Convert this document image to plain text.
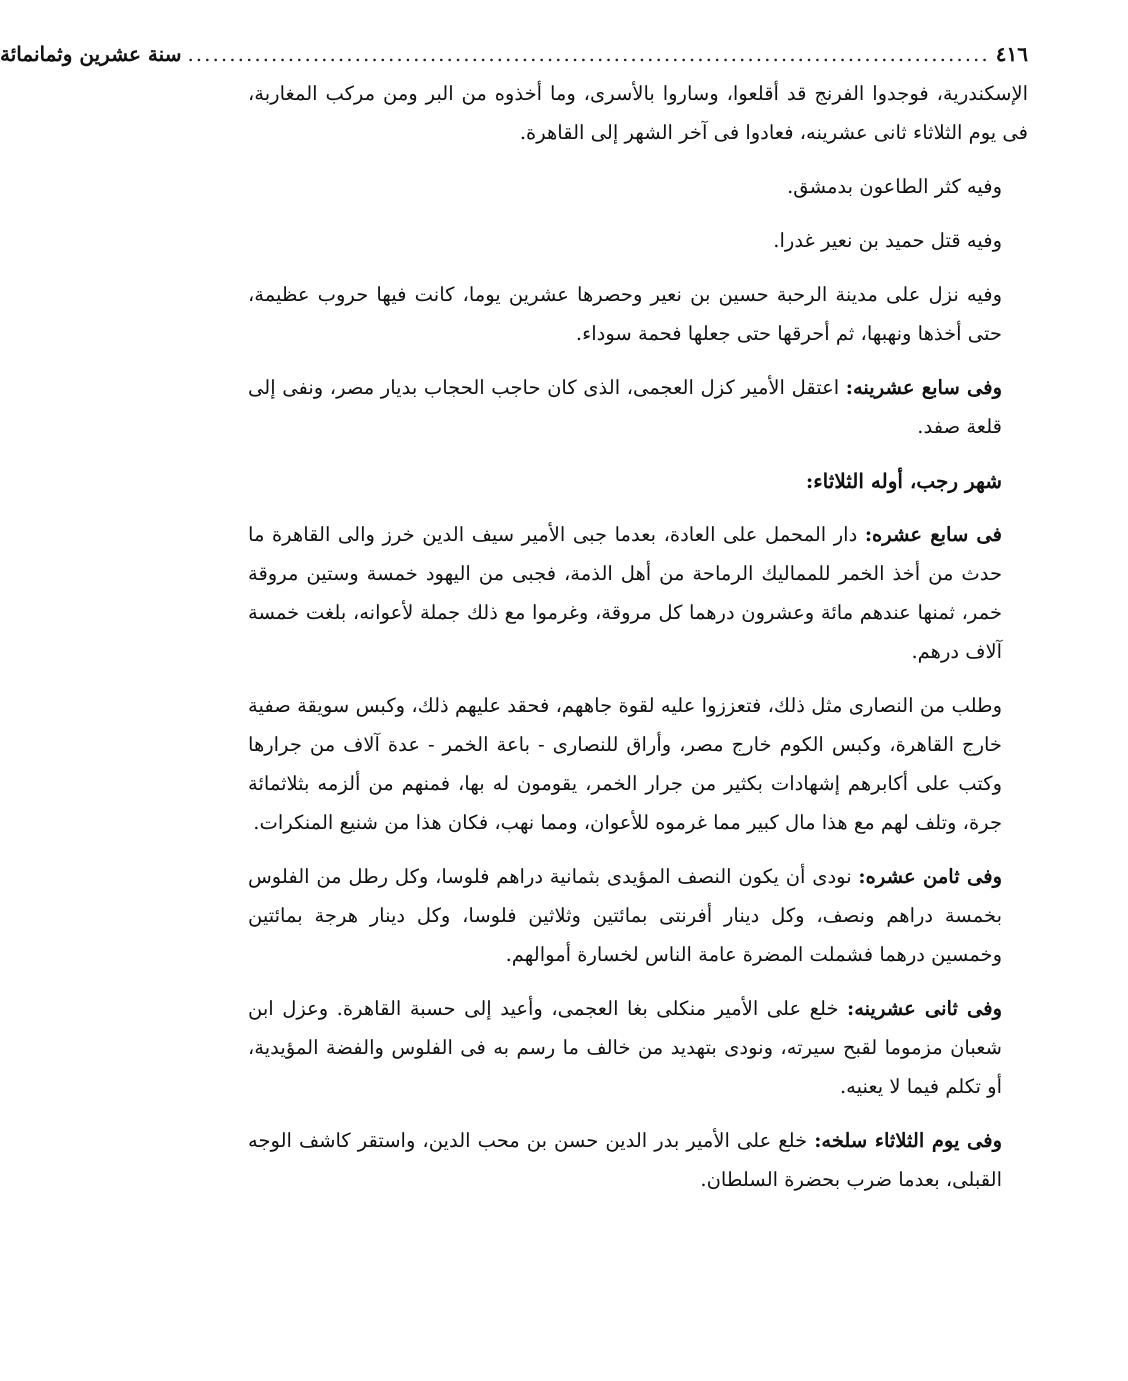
٤١٦
................................................................................................
سنة عشرين وثمانمائة

الإسكندرية، فوجدوا الفرنج قد أقلعوا، وساروا بالأسرى، وما أخذوه من البر ومن مركب المغاربة، فى يوم الثلاثاء ثانى عشرينه، فعادوا فى آخر الشهر إلى القاهرة.

وفيه كثر الطاعون بدمشق.

وفيه قتل حميد بن نعير غدرا.

وفيه نزل على مدينة الرحبة حسين بن نعير وحصرها عشرين يوما، كانت فيها حروب عظيمة، حتى أخذها ونهبها، ثم أحرقها حتى جعلها فحمة سوداء.

وفى سابع عشرينه: اعتقل الأمير كزل العجمى، الذى كان حاجب الحجاب بديار مصر، ونفى إلى قلعة صفد.

شهر رجب، أوله الثلاثاء:

فى سابع عشره: دار المحمل على العادة، بعدما جبى الأمير سيف الدين خرز والى القاهرة ما حدث من أخذ الخمر للمماليك الرماحة من أهل الذمة، فجبى من اليهود خمسة وستين مروقة خمر، ثمنها عندهم مائة وعشرون درهما كل مروقة، وغرموا مع ذلك جملة لأعوانه، بلغت خمسة آلاف درهم.

وطلب من النصارى مثل ذلك، فتعززوا عليه لقوة جاههم، فحقد عليهم ذلك، وكبس سويقة صفية خارج القاهرة، وكبس الكوم خارج مصر، وأراق للنصارى - باعة الخمر - عدة آلاف من جرارها وكتب على أكابرهم إشهادات بكثير من جرار الخمر، يقومون له بها، فمنهم من ألزمه بثلاثمائة جرة، وتلف لهم مع هذا مال كبير مما غرموه للأعوان، ومما نهب، فكان هذا من شنيع المنكرات.

وفى ثامن عشره: نودى أن يكون النصف المؤيدى بثمانية دراهم فلوسا، وكل رطل من الفلوس بخمسة دراهم ونصف، وكل دينار أفرنتى بمائتين وثلاثين فلوسا، وكل دينار هرجة بمائتين وخمسين درهما فشملت المضرة عامة الناس لخسارة أموالهم.

وفى ثانى عشرينه: خلع على الأمير منكلى بغا العجمى، وأعيد إلى حسبة القاهرة. وعزل ابن شعبان مزموما لقبح سيرته، ونودى بتهديد من خالف ما رسم به فى الفلوس والفضة المؤيدية، أو تكلم فيما لا يعنيه.

وفى يوم الثلاثاء سلخه: خلع على الأمير بدر الدين حسن بن محب الدين، واستقر كاشف الوجه القبلى، بعدما ضرب بحضرة السلطان.
